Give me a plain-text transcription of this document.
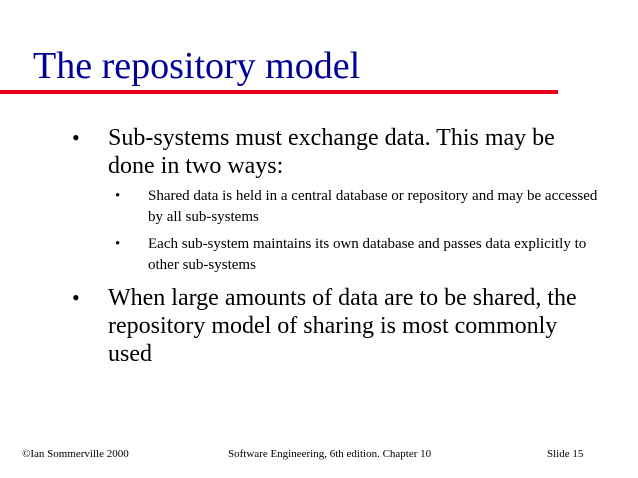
The repository model
• Sub-systems must exchange data. This may be done in two ways:
• Shared data is held in a central database or repository and may be accessed by all sub-systems
• Each sub-system maintains its own database and passes data explicitly to other sub-systems
• When large amounts of data are to be shared, the repository model of sharing is most commonly used
©Ian Sommerville 2000	Software Engineering, 6th edition. Chapter 10	Slide 15
